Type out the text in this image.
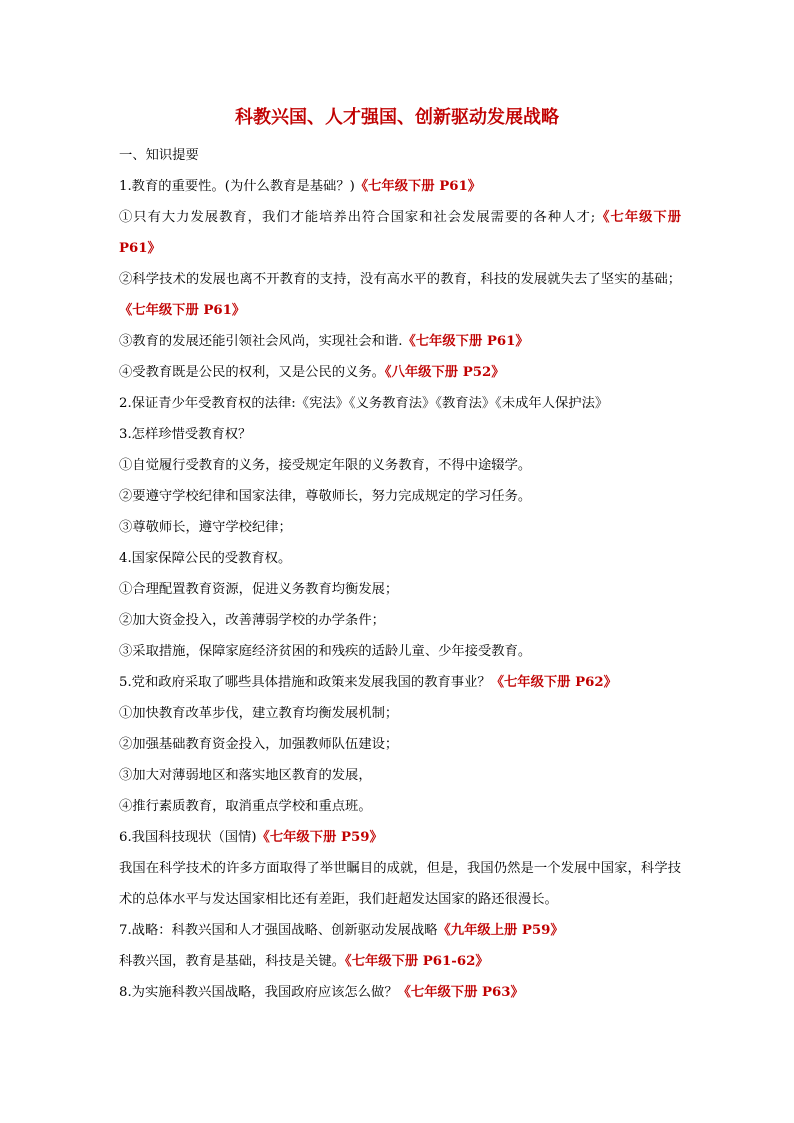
科教兴国、人才强国、创新驱动发展战略
一、知识提要
1.教育的重要性。(为什么教育是基础？)《七年级下册 P61》
①只有大力发展教育，我们才能培养出符合国家和社会发展需要的各种人才;《七年级下册 P61》
②科学技术的发展也离不开教育的支持，没有高水平的教育，科技的发展就失去了坚实的基础；《七年级下册 P61》
③教育的发展还能引领社会风尚，实现社会和谐.《七年级下册 P61》
④受教育既是公民的权利，又是公民的义务。《八年级下册 P52》
2.保证青少年受教育权的法律:《宪法》《义务教育法》《教育法》《未成年人保护法》
3.怎样珍惜受教育权？
①自觉履行受教育的义务，接受规定年限的义务教育，不得中途辍学。
②要遵守学校纪律和国家法律，尊敬师长，努力完成规定的学习任务。
③尊敬师长，遵守学校纪律；
4.国家保障公民的受教育权。
①合理配置教育资源，促进义务教育均衡发展；
②加大资金投入，改善薄弱学校的办学条件；
③采取措施，保障家庭经济贫困的和残疾的适龄儿童、少年接受教育。
5.党和政府采取了哪些具体措施和政策来发展我国的教育事业？《七年级下册 P62》
①加快教育改革步伐，建立教育均衡发展机制；
②加强基础教育资金投入，加强教师队伍建设；
③加大对薄弱地区和落实地区教育的发展，
④推行素质教育，取消重点学校和重点班。
6.我国科技现状（国情)《七年级下册 P59》
我国在科学技术的许多方面取得了举世瞩目的成就，但是，我国仍然是一个发展中国家，科学技术的总体水平与发达国家相比还有差距，我们赶超发达国家的路还很漫长。
7.战略：科教兴国和人才强国战略、创新驱动发展战略《九年级上册 P59》
科教兴国，教育是基础，科技是关键。《七年级下册 P61-62》
8.为实施科教兴国战略，我国政府应该怎么做？《七年级下册 P63》
